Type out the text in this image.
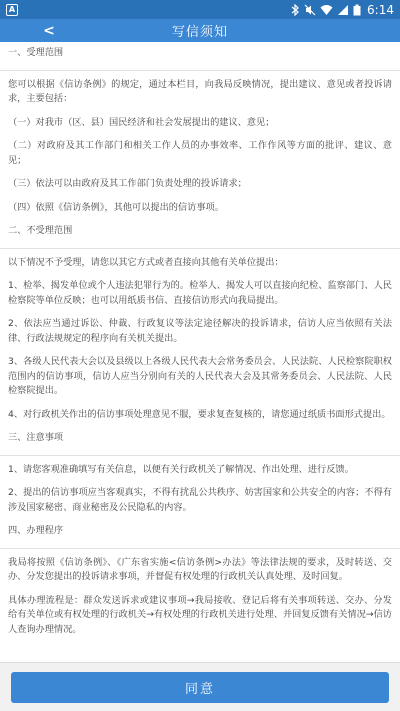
A	6:14
<	写信须知
一、受理范围

您可以根据《信访条例》的规定，通过本栏目，向我局反映情况，提出建议、意见或者投诉请求，主要包括：

（一）对我市（区、县）国民经济和社会发展提出的建议、意见；

（二）对政府及其工作部门和相关工作人员的办事效率、工作作风等方面的批评、建议、意见；

（三）依法可以由政府及其工作部门负责处理的投诉请求；

（四）依照《信访条例》，其他可以提出的信访事项。

二、不受理范围

以下情况不予受理，请您以其它方式或者直接向其他有关单位提出：

1、检举、揭发单位或个人违法犯罪行为的。检举人、揭发人可以直接向纪检、监察部门、人民检察院等单位反映；也可以用纸质书信、直接信访形式向我局提出。

2、依法应当通过诉讼、仲裁、行政复议等法定途径解决的投诉请求，信访人应当依照有关法律、行政法规规定的程序向有关机关提出。

3、各级人民代表大会以及县级以上各级人民代表大会常务委员会、人民法院、人民检察院职权范围内的信访事项，信访人应当分别向有关的人民代表大会及其常务委员会、人民法院、人民检察院提出。

4、对行政机关作出的信访事项处理意见不服，要求复查复核的，请您通过纸质书面形式提出。

三、注意事项

1、请您客观准确填写有关信息，以便有关行政机关了解情况、作出处理、进行反馈。

2、提出的信访事项应当客观真实，不得有扰乱公共秩序、妨害国家和公共安全的内容；不得有涉及国家秘密、商业秘密及公民隐私的内容。

四、办理程序

我局将按照《信访条例》、《广东省实施<信访条例>办法》等法律法规的要求，及时转送、交办、分发您提出的投诉请求事项，并督促有权处理的行政机关认真处理、及时回复。

具体办理流程是：群众发送诉求或建议事项→我局接收、登记后将有关事项转送、交办、分发给有关单位或有权处理的行政机关→有权处理的行政机关进行处理、并回复反馈有关情况→信访人查询办理情况。

同意
